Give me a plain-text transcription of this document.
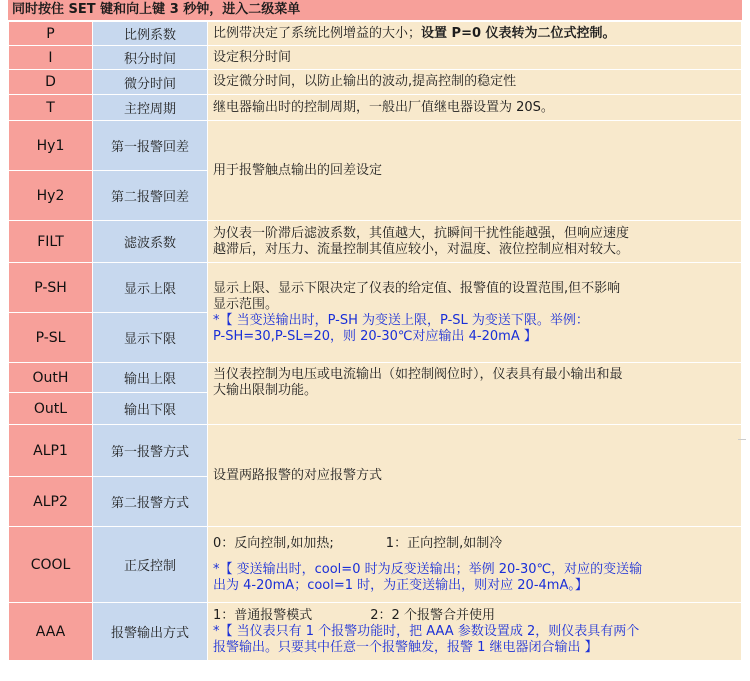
同时按住 SET 键和向上键 3 秒钟，进入二级菜单
P	比例系数	比例带决定了系统比例增益的大小；设置 P=0 仪表转为二位式控制。
I	积分时间	设定积分时间
D	微分时间	设定微分时间，以防止输出的波动,提高控制的稳定性
T	主控周期	继电器输出时的控制周期，一般出厂值继电器设置为 20S。
Hy1	第一报警回差	用于报警触点输出的回差设定
Hy2	第二报警回差	
FILT	滤波系数	为仪表一阶滞后滤波系数，其值越大，抗瞬间干扰性能越强，但响应速度
越滞后，对压力、流量控制其值应较小，对温度、液位控制应相对较大。

P-SH	显示上限	显示上限、显示下限决定了仪表的给定值、报警值的设置范围,但不影响
显示范围。
*【 当变送输出时，P-SH 为变送上限，P-SL 为变送下限。举例：
P-SH=30,P-SL=20，则 20-30℃对应输出 4-20mA 】

P-SL	显示下限	
OutH	输出上限	当仪表控制为电压或电流输出（如控制阀位时），仪表具有最小输出和最
大输出限制功能。

OutL	输出下限	
ALP1	第一报警方式	设置两路报警的对应报警方式
ALP2	第二报警方式	
COOL	正反控制	0：反向控制,如加热; 1：正向控制,如制冷
*【 变送输出时，cool=0 时为反变送输出；举例 20-30℃，对应的变送输
出为 4-20mA；cool=1 时，为正变送输出，则对应 20-4mA。】

AAA	报警输出方式	1：普通报警模式 2：2 个报警合并使用
*【 当仪表只有 1 个报警功能时，把 AAA 参数设置成 2，则仪表具有两个
报警输出。只要其中任意一个报警触发，报警 1 继电器闭合输出 】
